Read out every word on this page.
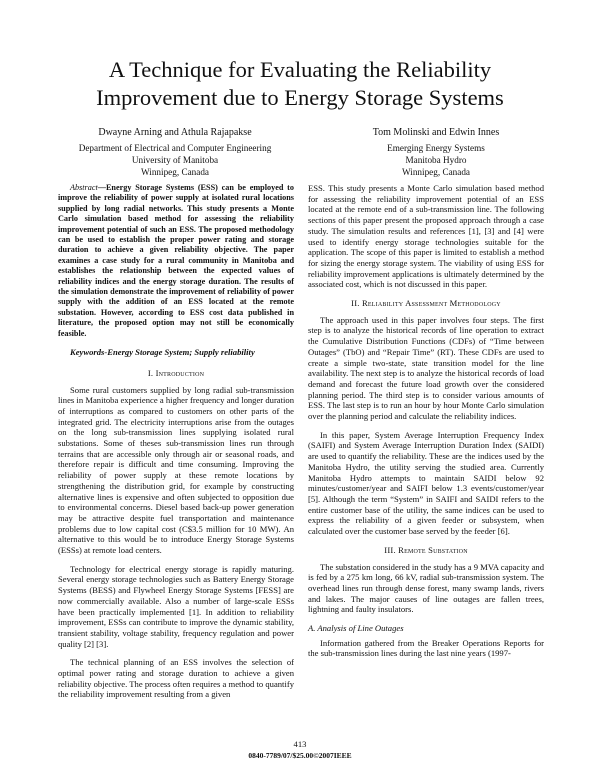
A Technique for Evaluating the Reliability
Improvement due to Energy Storage Systems
Dwayne Arning and Athula Rajapakse
Department of Electrical and Computer Engineering
University of Manitoba
Winnipeg, Canada
Tom Molinski and Edwin Innes
Emerging Energy Systems
Manitoba Hydro
Winnipeg, Canada

Abstract—Energy Storage Systems (ESS) can be employed to improve the reliability of power supply at isolated rural locations supplied by long radial networks. This study presents a Monte Carlo simulation based method for assessing the reliability improvement potential of such an ESS. The proposed methodology can be used to establish the proper power rating and storage duration to achieve a given reliability objective. The paper examines a case study for a rural community in Manitoba and establishes the relationship between the expected values of reliability indices and the energy storage duration. The results of the simulation demonstrate the improvement of reliability of power supply with the addition of an ESS located at the remote substation. However, according to ESS cost data published in literature, the proposed option may not still be economically feasible.

Keywords-Energy Storage System; Supply reliability

I. Introduction

Some rural customers supplied by long radial sub-transmission lines in Manitoba experience a higher frequency and longer duration of interruptions as compared to customers on other parts of the integrated grid. The electricity interruptions arise from the outages on the long sub-transmission lines supplying isolated rural substations. Some of theses sub-transmission lines run through terrains that are accessible only through air or seasonal roads, and therefore repair is difficult and time consuming. Improving the reliability of power supply at these remote locations by strengthening the distribution grid, for example by constructing alternative lines is expensive and often subjected to opposition due to environmental concerns. Diesel based back-up power generation may be attractive despite fuel transportation and maintenance problems due to low capital cost (C$3.5 million for 10 MW). An alternative to this would be to introduce Energy Storage Systems (ESSs) at remote load centers.

Technology for electrical energy storage is rapidly maturing. Several energy storage technologies such as Battery Energy Storage Systems (BESS) and Flywheel Energy Storage Systems [FESS] are now commercially available. Also a number of large-scale ESSs have been practically implemented [1]. In addition to reliability improvement, ESSs can contribute to improve the dynamic stability, transient stability, voltage stability, frequency regulation and power quality [2] [3].

The technical planning of an ESS involves the selection of optimal power rating and storage duration to achieve a given reliability objective. The process often requires a method to quantify the reliability improvement resulting from a given

ESS. This study presents a Monte Carlo simulation based method for assessing the reliability improvement potential of an ESS located at the remote end of a sub-transmission line. The following sections of this paper present the proposed approach through a case study. The simulation results and references [1], [3] and [4] were used to identify energy storage technologies suitable for the application. The scope of this paper is limited to establish a method for sizing the energy storage system. The viability of using ESS for reliability improvement applications is ultimately determined by the associated cost, which is not discussed in this paper.

II. Reliability Assessment Methodology

The approach used in this paper involves four steps. The first step is to analyze the historical records of line operation to extract the Cumulative Distribution Functions (CDFs) of “Time between Outages” (TbO) and “Repair Time” (RT). These CDFs are used to create a simple two-state, state transition model for the line availability. The next step is to analyze the historical records of load demand and forecast the future load growth over the considered planning period. The third step is to consider various amounts of ESS. The last step is to run an hour by hour Monte Carlo simulation over the planning period and calculate the reliability indices.

In this paper, System Average Interruption Frequency Index (SAIFI) and System Average Interruption Duration Index (SAIDI) are used to quantify the reliability. These are the indices used by the Manitoba Hydro, the utility serving the studied area. Currently Manitoba Hydro attempts to maintain SAIDI below 92 minutes/customer/year and SAIFI below 1.3 events/customer/year [5]. Although the term “System” in SAIFI and SAIDI refers to the entire customer base of the utility, the same indices can be used to express the reliability of a given feeder or subsystem, when calculated over the customer base served by the feeder [6].

III. Remote Substation

The substation considered in the study has a 9 MVA capacity and is fed by a 275 km long, 66 kV, radial sub-transmission system. The overhead lines run through dense forest, many swamp lands, rivers and lakes. The major causes of line outages are fallen trees, lightning and faulty insulators.

A. Analysis of Line Outages

Information gathered from the Breaker Operations Reports for the sub-transmission lines during the last nine years (1997-

413
0840-7789/07/$25.00©2007IEEE
